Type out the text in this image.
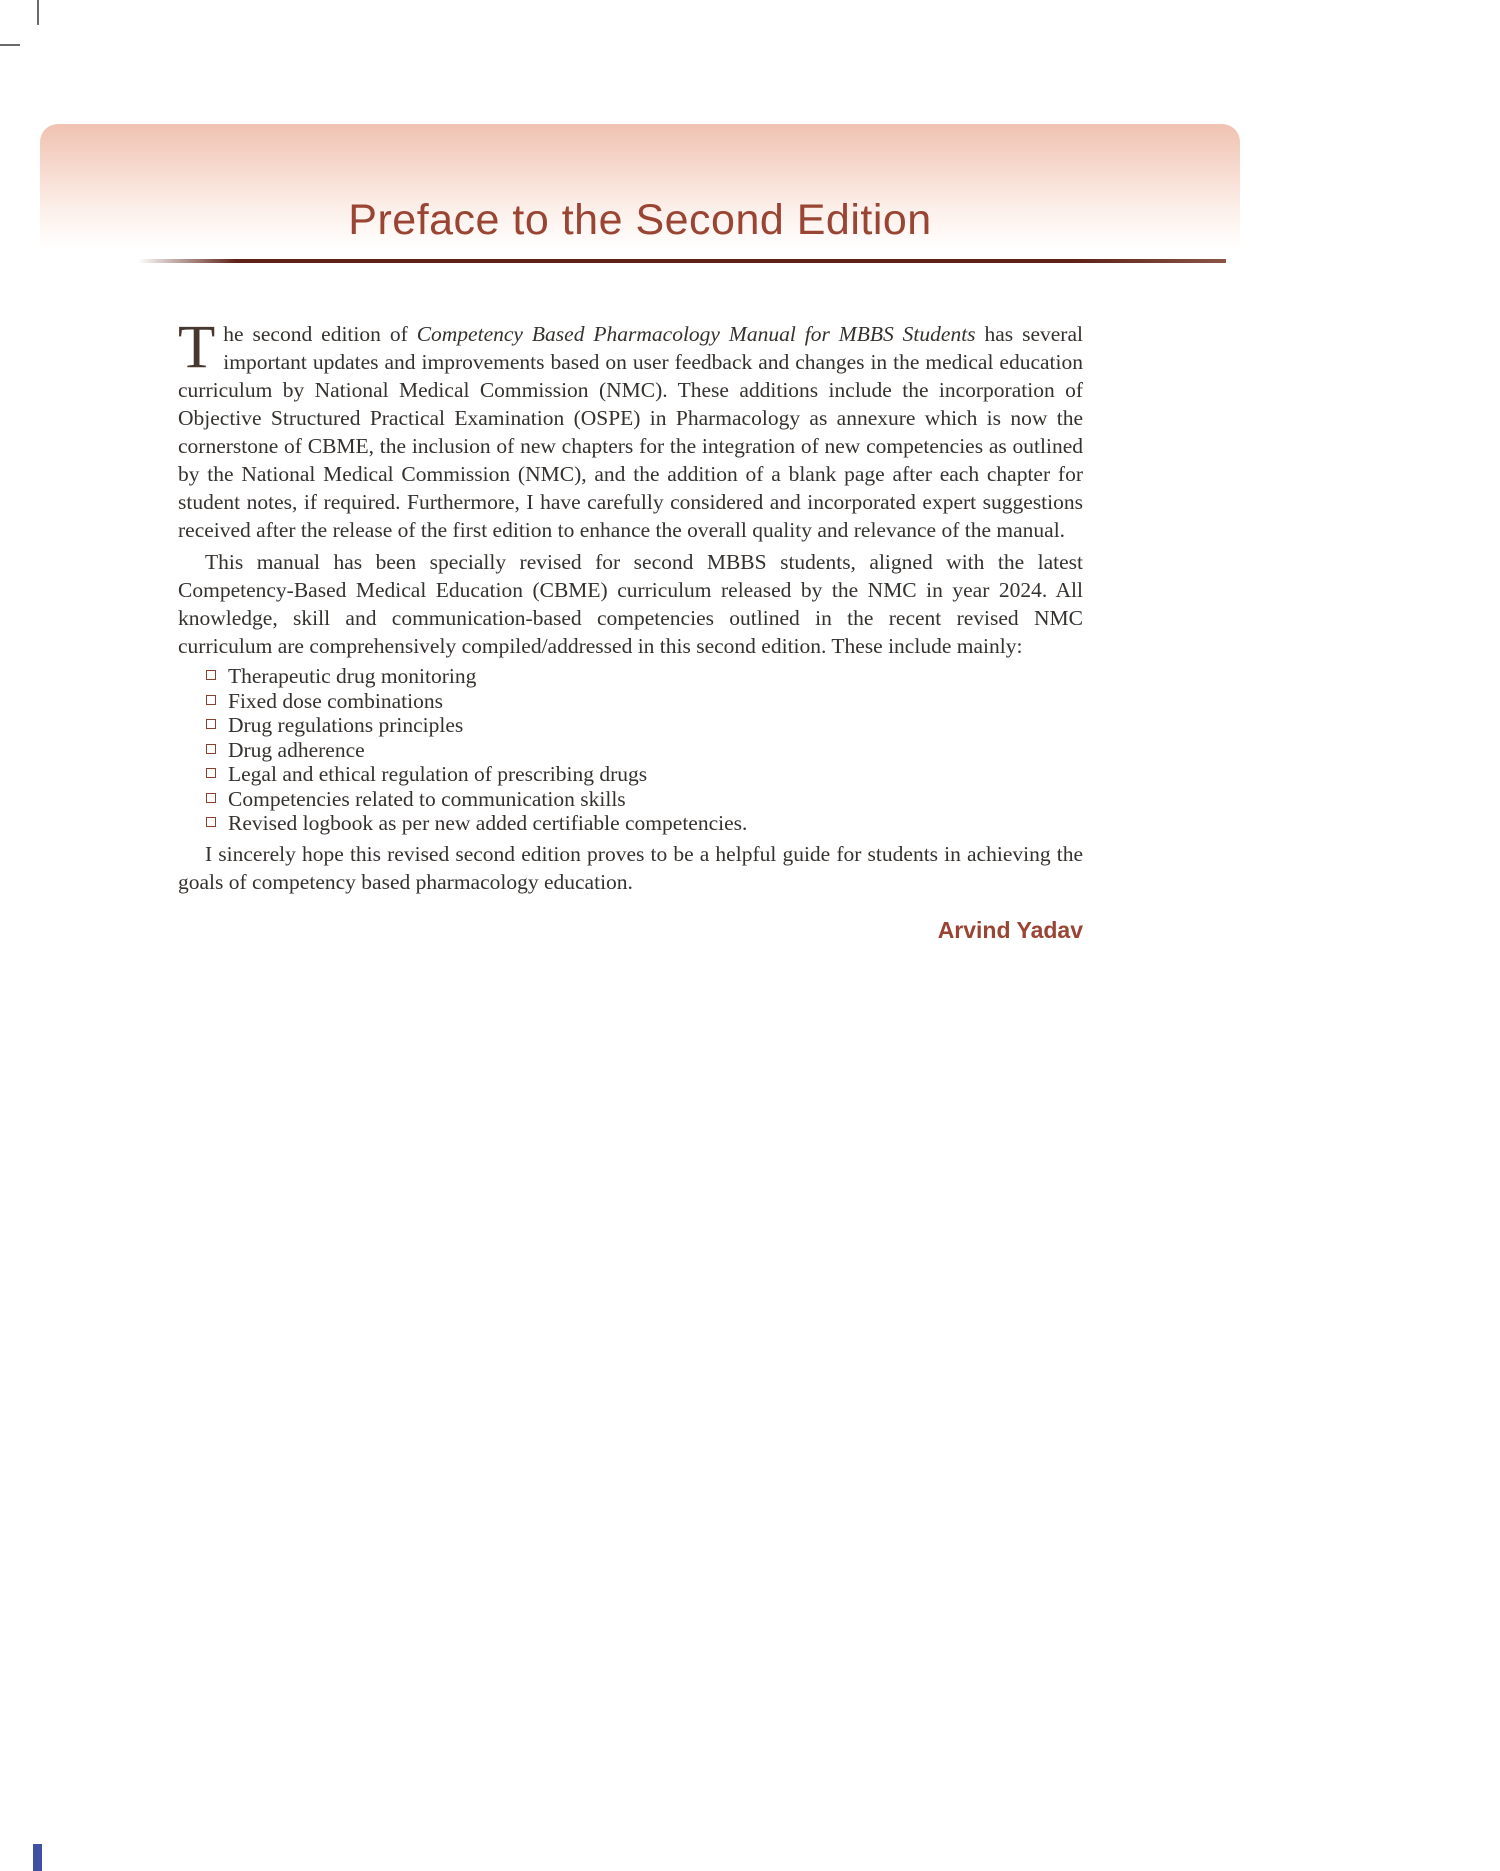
Preface to the Second Edition

The second edition of Competency Based Pharmacology Manual for MBBS Students has several important updates and improvements based on user feedback and changes in the medical education curriculum by National Medical Commission (NMC). These additions include the incorporation of Objective Structured Practical Examination (OSPE) in Pharmacology as annexure which is now the cornerstone of CBME, the inclusion of new chapters for the integration of new competencies as outlined by the National Medical Commission (NMC), and the addition of a blank page after each chapter for student notes, if required. Furthermore, I have carefully considered and incorporated expert suggestions received after the release of the first edition to enhance the overall quality and relevance of the manual.

This manual has been specially revised for second MBBS students, aligned with the latest Competency-Based Medical Education (CBME) curriculum released by the NMC in year 2024. All knowledge, skill and communication-based competencies outlined in the recent revised NMC curriculum are comprehensively compiled/addressed in this second edition. These include mainly:

Therapeutic drug monitoring
Fixed dose combinations
Drug regulations principles
Drug adherence
Legal and ethical regulation of prescribing drugs
Competencies related to communication skills
Revised logbook as per new added certifiable competencies.

I sincerely hope this revised second edition proves to be a helpful guide for students in achieving the goals of competency based pharmacology education.

Arvind Yadav
